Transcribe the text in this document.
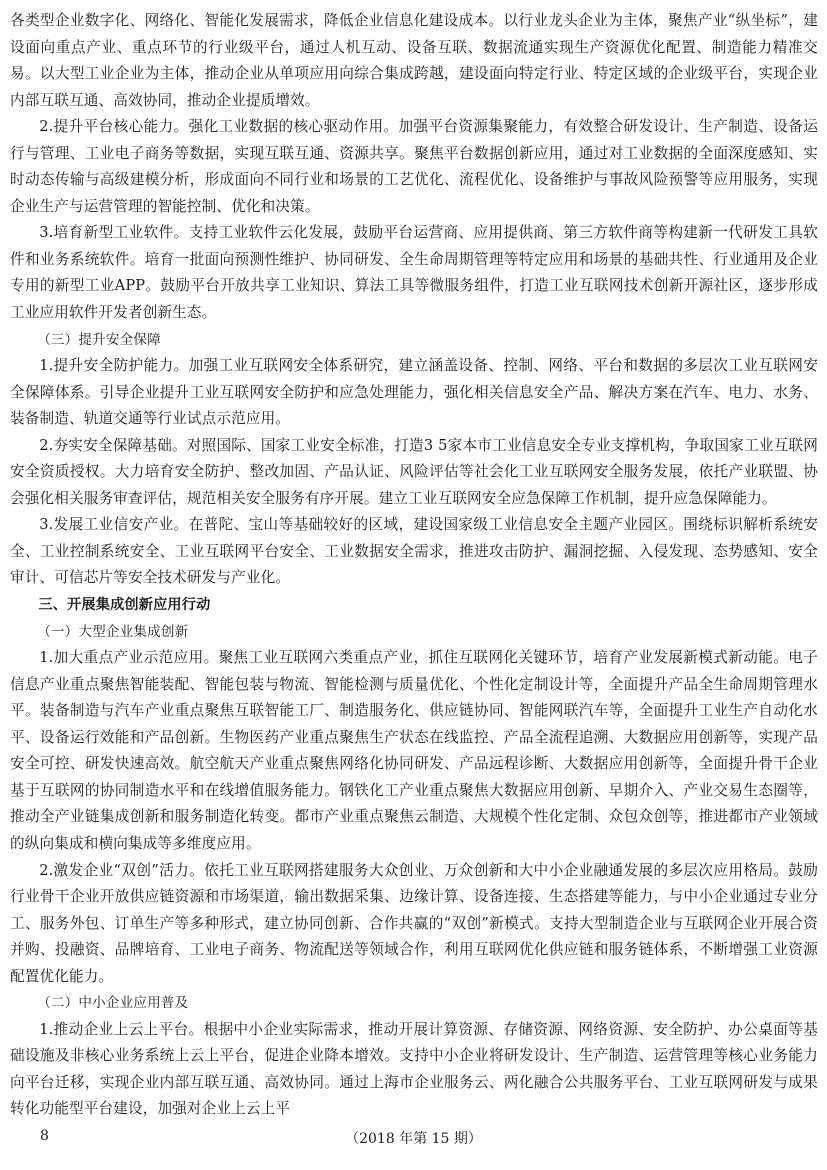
各类型企业数字化、网络化、智能化发展需求，降低企业信息化建设成本。以行业龙头企业为主体，聚焦产业“纵坐标”，建设面向重点产业、重点环节的行业级平台，通过人机互动、设备互联、数据流通实现生产资源优化配置、制造能力精准交易。以大型工业企业为主体，推动企业从单项应用向综合集成跨越，建设面向特定行业、特定区域的企业级平台，实现企业内部互联互通、高效协同，推动企业提质增效。

2.提升平台核心能力。强化工业数据的核心驱动作用。加强平台资源集聚能力，有效整合研发设计、生产制造、设备运行与管理、工业电子商务等数据，实现互联互通、资源共享。聚焦平台数据创新应用，通过对工业数据的全面深度感知、实时动态传输与高级建模分析，形成面向不同行业和场景的工艺优化、流程优化、设备维护与事故风险预警等应用服务，实现企业生产与运营管理的智能控制、优化和决策。

3.培育新型工业软件。支持工业软件云化发展，鼓励平台运营商、应用提供商、第三方软件商等构建新一代研发工具软件和业务系统软件。培育一批面向预测性维护、协同研发、全生命周期管理等特定应用和场景的基础共性、行业通用及企业专用的新型工业APP。鼓励平台开放共享工业知识、算法工具等微服务组件，打造工业互联网技术创新开源社区，逐步形成工业应用软件开发者创新生态。

（三）提升安全保障

1.提升安全防护能力。加强工业互联网安全体系研究，建立涵盖设备、控制、网络、平台和数据的多层次工业互联网安全保障体系。引导企业提升工业互联网安全防护和应急处理能力，强化相关信息安全产品、解决方案在汽车、电力、水务、装备制造、轨道交通等行业试点示范应用。

2.夯实安全保障基础。对照国际、国家工业安全标准，打造3 5家本市工业信息安全专业支撑机构，争取国家工业互联网安全资质授权。大力培育安全防护、整改加固、产品认证、风险评估等社会化工业互联网安全服务发展，依托产业联盟、协会强化相关服务审查评估，规范相关安全服务有序开展。建立工业互联网安全应急保障工作机制，提升应急保障能力。

3.发展工业信安产业。在普陀、宝山等基础较好的区域，建设国家级工业信息安全主题产业园区。围绕标识解析系统安全、工业控制系统安全、工业互联网平台安全、工业数据安全需求，推进攻击防护、漏洞挖掘、入侵发现、态势感知、安全审计、可信芯片等安全技术研发与产业化。

三、开展集成创新应用行动

（一）大型企业集成创新

1.加大重点产业示范应用。聚焦工业互联网六类重点产业，抓住互联网化关键环节，培育产业发展新模式新动能。电子信息产业重点聚焦智能装配、智能包装与物流、智能检测与质量优化、个性化定制设计等，全面提升产品全生命周期管理水平。装备制造与汽车产业重点聚焦互联智能工厂、制造服务化、供应链协同、智能网联汽车等，全面提升工业生产自动化水平、设备运行效能和产品创新。生物医药产业重点聚焦生产状态在线监控、产品全流程追溯、大数据应用创新等，实现产品安全可控、研发快速高效。航空航天产业重点聚焦网络化协同研发、产品远程诊断、大数据应用创新等，全面提升骨干企业基于互联网的协同制造水平和在线增值服务能力。钢铁化工产业重点聚焦大数据应用创新、早期介入、产业交易生态圈等，推动全产业链集成创新和服务制造化转变。都市产业重点聚焦云制造、大规模个性化定制、众包众创等，推进都市产业领域的纵向集成和横向集成等多维度应用。

2.激发企业“双创”活力。依托工业互联网搭建服务大众创业、万众创新和大中小企业融通发展的多层次应用格局。鼓励行业骨干企业开放供应链资源和市场渠道，输出数据采集、边缘计算、设备连接、生态搭建等能力，与中小企业通过专业分工、服务外包、订单生产等多种形式，建立协同创新、合作共赢的“双创”新模式。支持大型制造企业与互联网企业开展合资并购、投融资、品牌培育、工业电子商务、物流配送等领域合作，利用互联网优化供应链和服务链体系，不断增强工业资源配置优化能力。

（二）中小企业应用普及

1.推动企业上云上平台。根据中小企业实际需求，推动开展计算资源、存储资源、网络资源、安全防护、办公桌面等基础设施及非核心业务系统上云上平台，促进企业降本增效。支持中小企业将研发设计、生产制造、运营管理等核心业务能力向平台迁移，实现企业内部互联互通、高效协同。通过上海市企业服务云、两化融合公共服务平台、工业互联网研发与成果转化功能型平台建设，加强对企业上云上平

8	（2018 年第 15 期）
